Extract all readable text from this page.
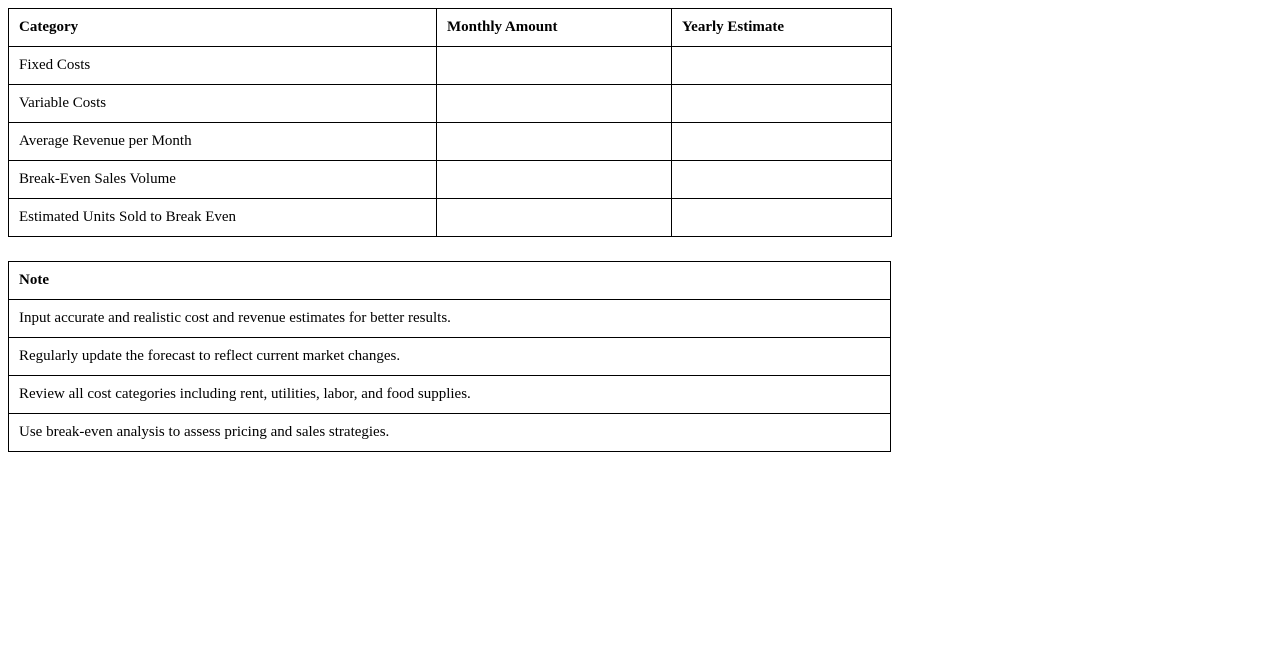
Category	Monthly Amount	Yearly Estimate
Fixed Costs		
Variable Costs		
Average Revenue per Month		
Break-Even Sales Volume		
Estimated Units Sold to Break Even		
Note
Input accurate and realistic cost and revenue estimates for better results.
Regularly update the forecast to reflect current market changes.
Review all cost categories including rent, utilities, labor, and food supplies.
Use break-even analysis to assess pricing and sales strategies.
